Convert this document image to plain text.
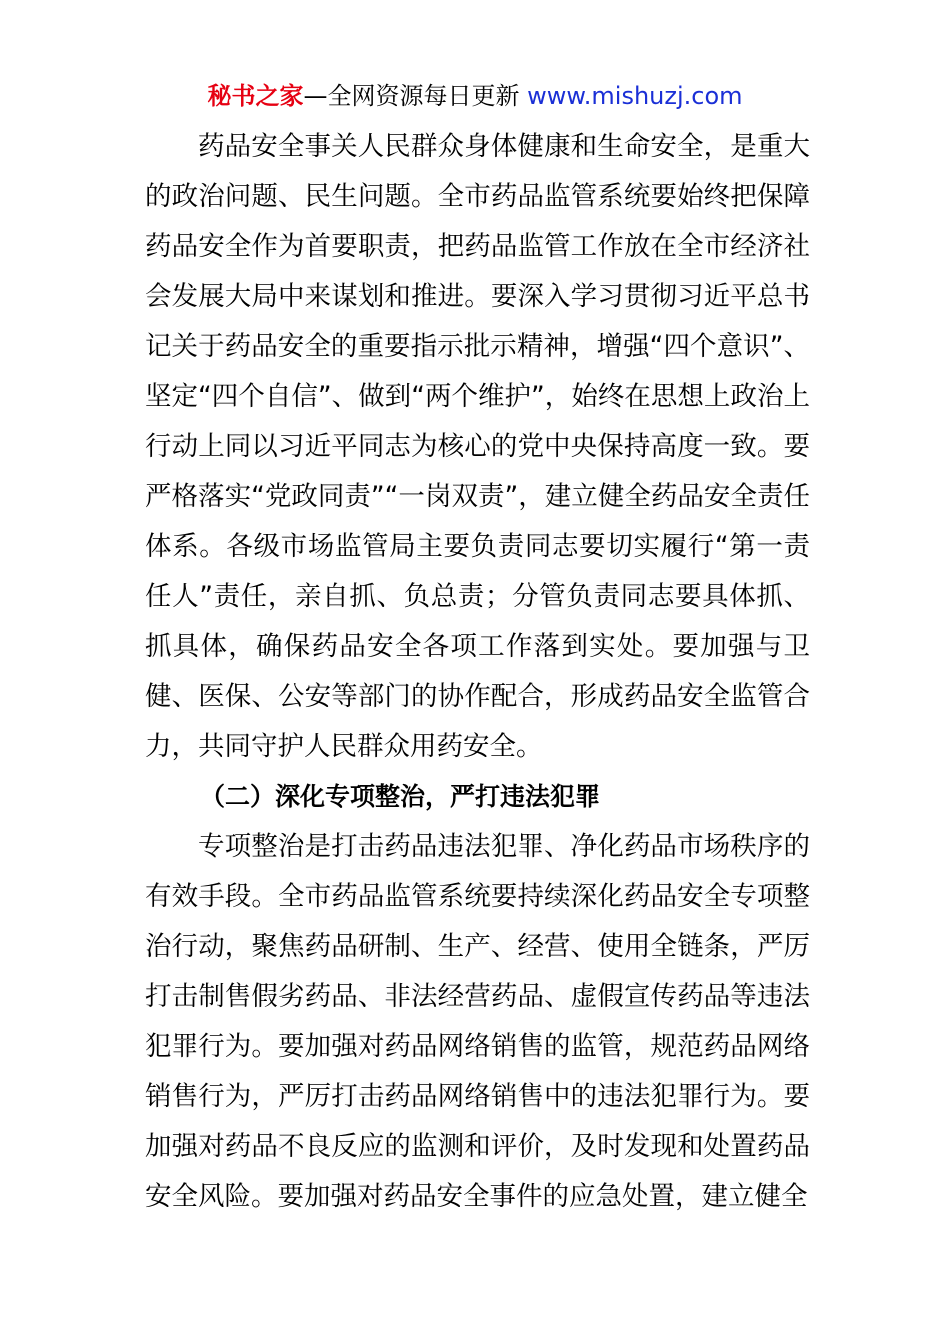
秘书之家—全网资源每日更新 www.mishuzj.com

药品安全事关人民群众身体健康和生命安全，是重大的政治问题、民生问题。全市药品监管系统要始终把保障药品安全作为首要职责，把药品监管工作放在全市经济社会发展大局中来谋划和推进。要深入学习贯彻习近平总书记关于药品安全的重要指示批示精神，增强“四个意识”、坚定“四个自信”、做到“两个维护”，始终在思想上政治上行动上同以习近平同志为核心的党中央保持高度一致。要严格落实“党政同责”“一岗双责”，建立健全药品安全责任体系。各级市场监管局主要负责同志要切实履行“第一责任人”责任，亲自抓、负总责；分管负责同志要具体抓、抓具体，确保药品安全各项工作落到实处。要加强与卫健、医保、公安等部门的协作配合，形成药品安全监管合力，共同守护人民群众用药安全。

（二）深化专项整治，严打违法犯罪

专项整治是打击药品违法犯罪、净化药品市场秩序的有效手段。全市药品监管系统要持续深化药品安全专项整治行动，聚焦药品研制、生产、经营、使用全链条，严厉打击制售假劣药品、非法经营药品、虚假宣传药品等违法犯罪行为。要加强对药品网络销售的监管，规范药品网络销售行为，严厉打击药品网络销售中的违法犯罪行为。要加强对药品不良反应的监测和评价，及时发现和处置药品安全风险。要加强对药品安全事件的应急处置，建立健全
